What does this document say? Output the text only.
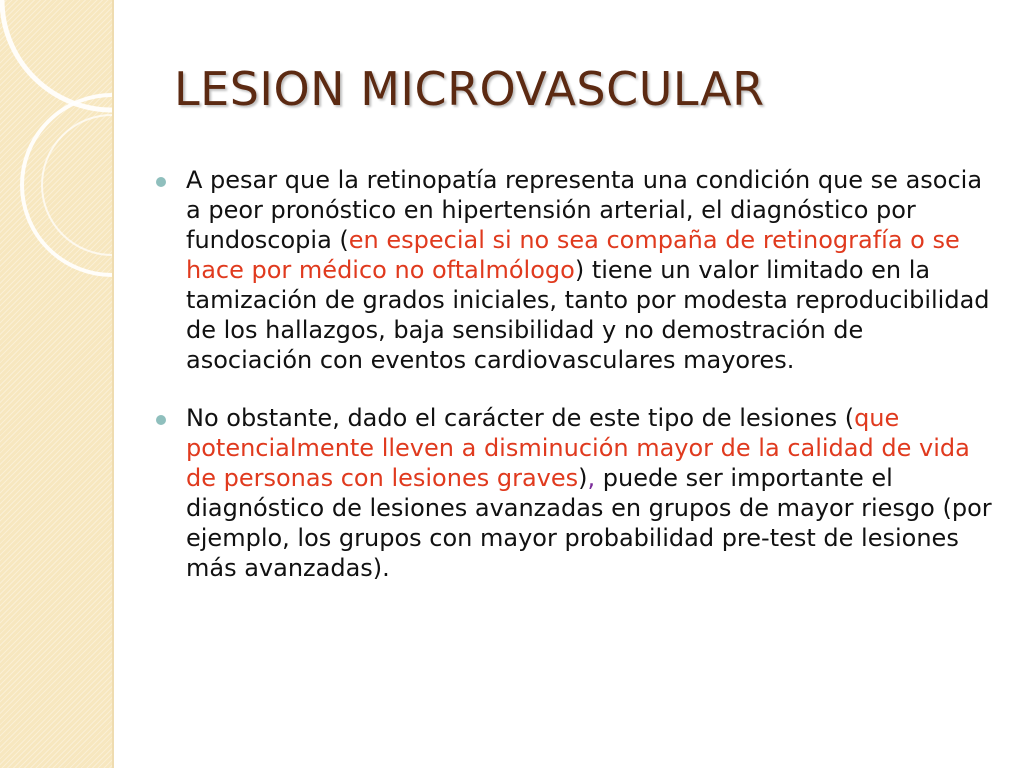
LESION MICROVASCULAR

A pesar que la retinopatía representa una condición que se asocia a peor pronóstico en hipertensión arterial, el diagnóstico por fundoscopia (en especial si no sea compaña de retinografía o se hace por médico no oftalmólogo) tiene un valor limitado en la tamización de grados iniciales, tanto por modesta reproducibilidad de los hallazgos, baja sensibilidad y no demostración de asociación con eventos cardiovasculares mayores.

No obstante, dado el carácter de este tipo de lesiones (que potencialmente lleven a disminución mayor de la calidad de vida de personas con lesiones graves), puede ser importante el diagnóstico de lesiones avanzadas en grupos de mayor riesgo (por ejemplo, los grupos con mayor probabilidad pre-test de lesiones más avanzadas).
